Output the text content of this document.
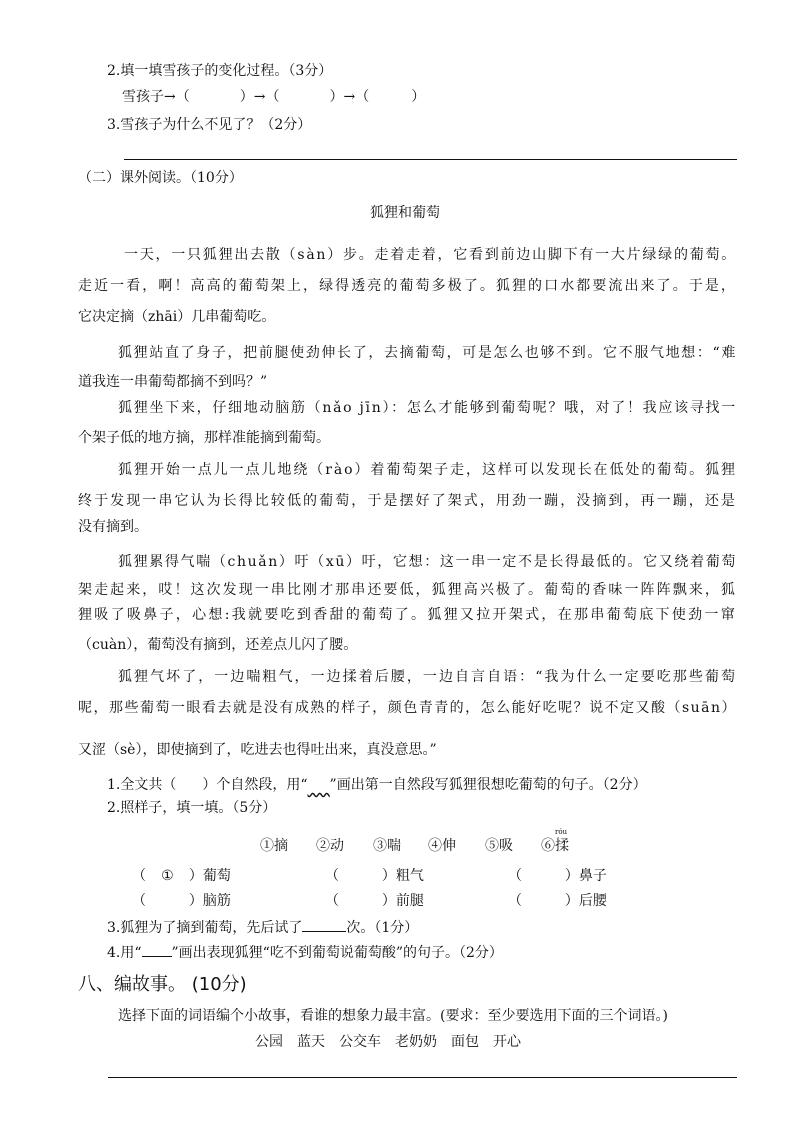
2.填一填雪孩子的变化过程。（3分）
雪孩子→（	）→（	）→（	）
3.雪孩子为什么不见了？（2分）
（二）课外阅读。（10分）
狐狸和葡萄
一天，一只狐狸出去散（sàn）步。走着走着，它看到前边山脚下有一大片绿绿的葡萄。
走近一看，啊！高高的葡萄架上，绿得透亮的葡萄多极了。狐狸的口水都要流出来了。于是，
它决定摘（zhāi）几串葡萄吃。
狐狸站直了身子，把前腿使劲伸长了，去摘葡萄，可是怎么也够不到。它不服气地想：“难
道我连一串葡萄都摘不到吗？”
狐狸坐下来，仔细地动脑筋（nǎo jīn）：怎么才能够到葡萄呢？哦，对了！我应该寻找一
个架子低的地方摘，那样准能摘到葡萄。
狐狸开始一点儿一点儿地绕（rào）着葡萄架子走，这样可以发现长在低处的葡萄。狐狸
终于发现一串它认为长得比较低的葡萄，于是摆好了架式，用劲一蹦，没摘到，再一蹦，还是
没有摘到。
狐狸累得气喘（chuǎn）吁（xū）吁，它想：这一串一定不是长得最低的。它又绕着葡萄
架走起来，哎！这次发现一串比刚才那串还要低，狐狸高兴极了。葡萄的香味一阵阵飘来，狐
狸吸了吸鼻子，心想:我就要吃到香甜的葡萄了。狐狸又拉开架式，在那串葡萄底下使劲一窜
（cuàn），葡萄没有摘到，还差点儿闪了腰。
狐狸气坏了，一边喘粗气，一边揉着后腰，一边自言自语：“我为什么一定要吃那些葡萄
呢，那些葡萄一眼看去就是没有成熟的样子，颜色青青的，怎么能好吃呢？说不定又酸（suān）
又涩（sè），即使摘到了，吃进去也得吐出来，真没意思。”
1.全文共（ ）个自然段，用“ ”画出第一自然段写狐狸很想吃葡萄的句子。（2分）
2.照样子，填一填。（5分）
①摘 ②动 ③喘 ④伸 ⑤吸
róu
⑥揉
（ ① ）葡萄	（  ）粗气	（  ）鼻子
（  ）脑筋	（  ）前腿	（  ）后腰
3.狐狸为了摘到葡萄，先后试了	次。（1分）
4.用“ ”画出表现狐狸“吃不到葡萄说葡萄酸”的句子。（2分）
八、编故事。 (10分)
选择下面的词语编个小故事，看谁的想象力最丰富。(要求：至少要选用下面的三个词语。)
公园 蓝天 公交车 老奶奶 面包 开心
